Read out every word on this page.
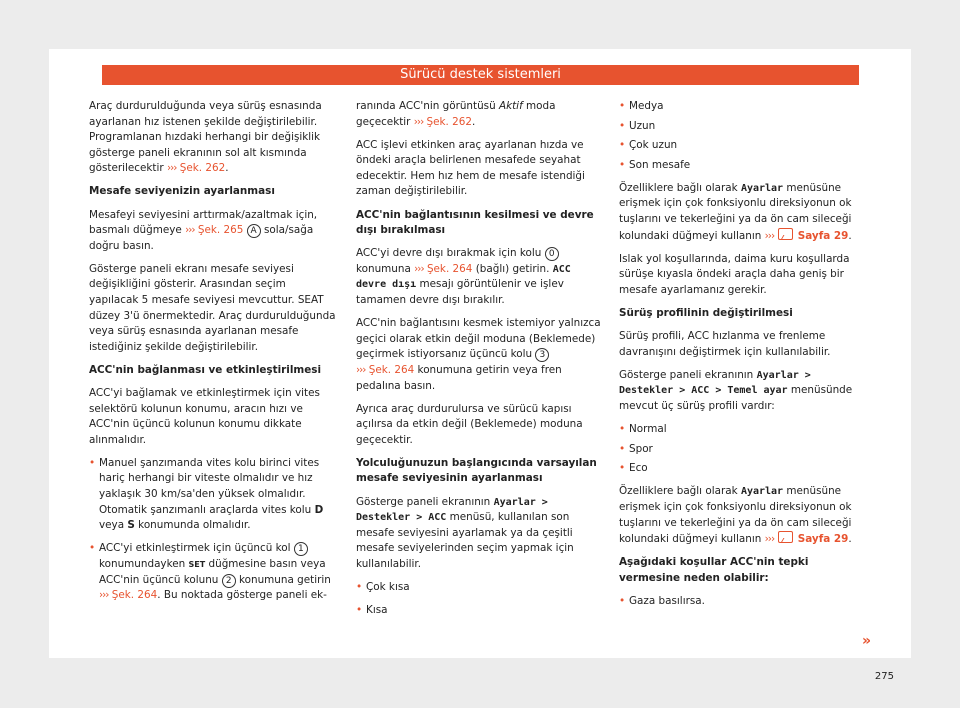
Sürücü destek sistemleri

Araç durdurulduğunda veya sürüş esnasında ayarlanan hız istenen şekilde değiştirilebilir. Programlanan hızdaki herhangi bir değişiklik gösterge paneli ekranının sol alt kısmında gösterilecektir ››› Şek. 262.

Mesafe seviyenizin ayarlanması

Mesafeyi seviyesini arttırmak/azaltmak için, basmalı düğmeye ››› Şek. 265 A sola/sağa doğru basın.

Gösterge paneli ekranı mesafe seviyesi değişikliğini gösterir. Arasından seçim yapılacak 5 mesafe seviyesi mevcuttur. SEAT düzey 3'ü önermektedir. Araç durdurulduğunda veya sürüş esnasında ayarlanan mesafe istediğiniz şekilde değiştirilebilir.

ACC'nin bağlanması ve etkinleştirilmesi

ACC'yi bağlamak ve etkinleştirmek için vites selektörü kolunun konumu, aracın hızı ve ACC'nin üçüncü kolunun konumu dikkate alınmalıdır.

• Manuel şanzımanda vites kolu birinci vites hariç herhangi bir viteste olmalıdır ve hız yaklaşık 30 km/sa'den yüksek olmalıdır. Otomatik şanzımanlı araçlarda vites kolu D veya S konumunda olmalıdır.

• ACC'yi etkinleştirmek için üçüncü kol 1 konumundayken SET düğmesine basın veya ACC'nin üçüncü kolunu 2 konumuna getirin
››› Şek. 264. Bu noktada gösterge paneli ek-

ranında ACC'nin görüntüsü Aktif moda geçecektir ››› Şek. 262.

ACC işlevi etkinken araç ayarlanan hızda ve öndeki araçla belirlenen mesafede seyahat edecektir. Hem hız hem de mesafe istendiği zaman değiştirilebilir.

ACC'nin bağlantısının kesilmesi ve devre dışı bırakılması

ACC'yi devre dışı bırakmak için kolu 0 konumuna ››› Şek. 264 (bağlı) getirin. ACC devre dışı mesajı görüntülenir ve işlev tamamen devre dışı bırakılır.

ACC'nin bağlantısını kesmek istemiyor yalnızca geçici olarak etkin değil moduna (Beklemede) geçirmek istiyorsanız üçüncü kolu 3
››› Şek. 264 konumuna getirin veya fren pedalına basın.

Ayrıca araç durdurulursa ve sürücü kapısı açılırsa da etkin değil (Beklemede) moduna geçecektir.

Yolculuğunuzun başlangıcında varsayılan mesafe seviyesinin ayarlanması

Gösterge paneli ekranının Ayarlar > Destekler > ACC menüsü, kullanılan son mesafe seviyesini ayarlamak ya da çeşitli mesafe seviyelerinden seçim yapmak için kullanılabilir.

• Çok kısa

• Kısa

• Medya

• Uzun

• Çok uzun

• Son mesafe

Özelliklere bağlı olarak Ayarlar menüsüne erişmek için çok fonksiyonlu direksiyonun ok tuşlarını ve tekerleğini ya da ön cam sileceği kolundaki düğmeyi kullanın ››› Sayfa 29.

Islak yol koşullarında, daima kuru koşullarda sürüşe kıyasla öndeki araçla daha geniş bir mesafe ayarlamanız gerekir.

Sürüş profilinin değiştirilmesi

Sürüş profili, ACC hızlanma ve frenleme davranışını değiştirmek için kullanılabilir.

Gösterge paneli ekranının Ayarlar > Destekler > ACC > Temel ayar menüsünde mevcut üç sürüş profili vardır:

• Normal

• Spor

• Eco

Özelliklere bağlı olarak Ayarlar menüsüne erişmek için çok fonksiyonlu direksiyonun ok tuşlarını ve tekerleğini ya da ön cam sileceği kolundaki düğmeyi kullanın ››› Sayfa 29.

Aşağıdaki koşullar ACC'nin tepki vermesine neden olabilir:

• Gaza basılırsa.

»
275
